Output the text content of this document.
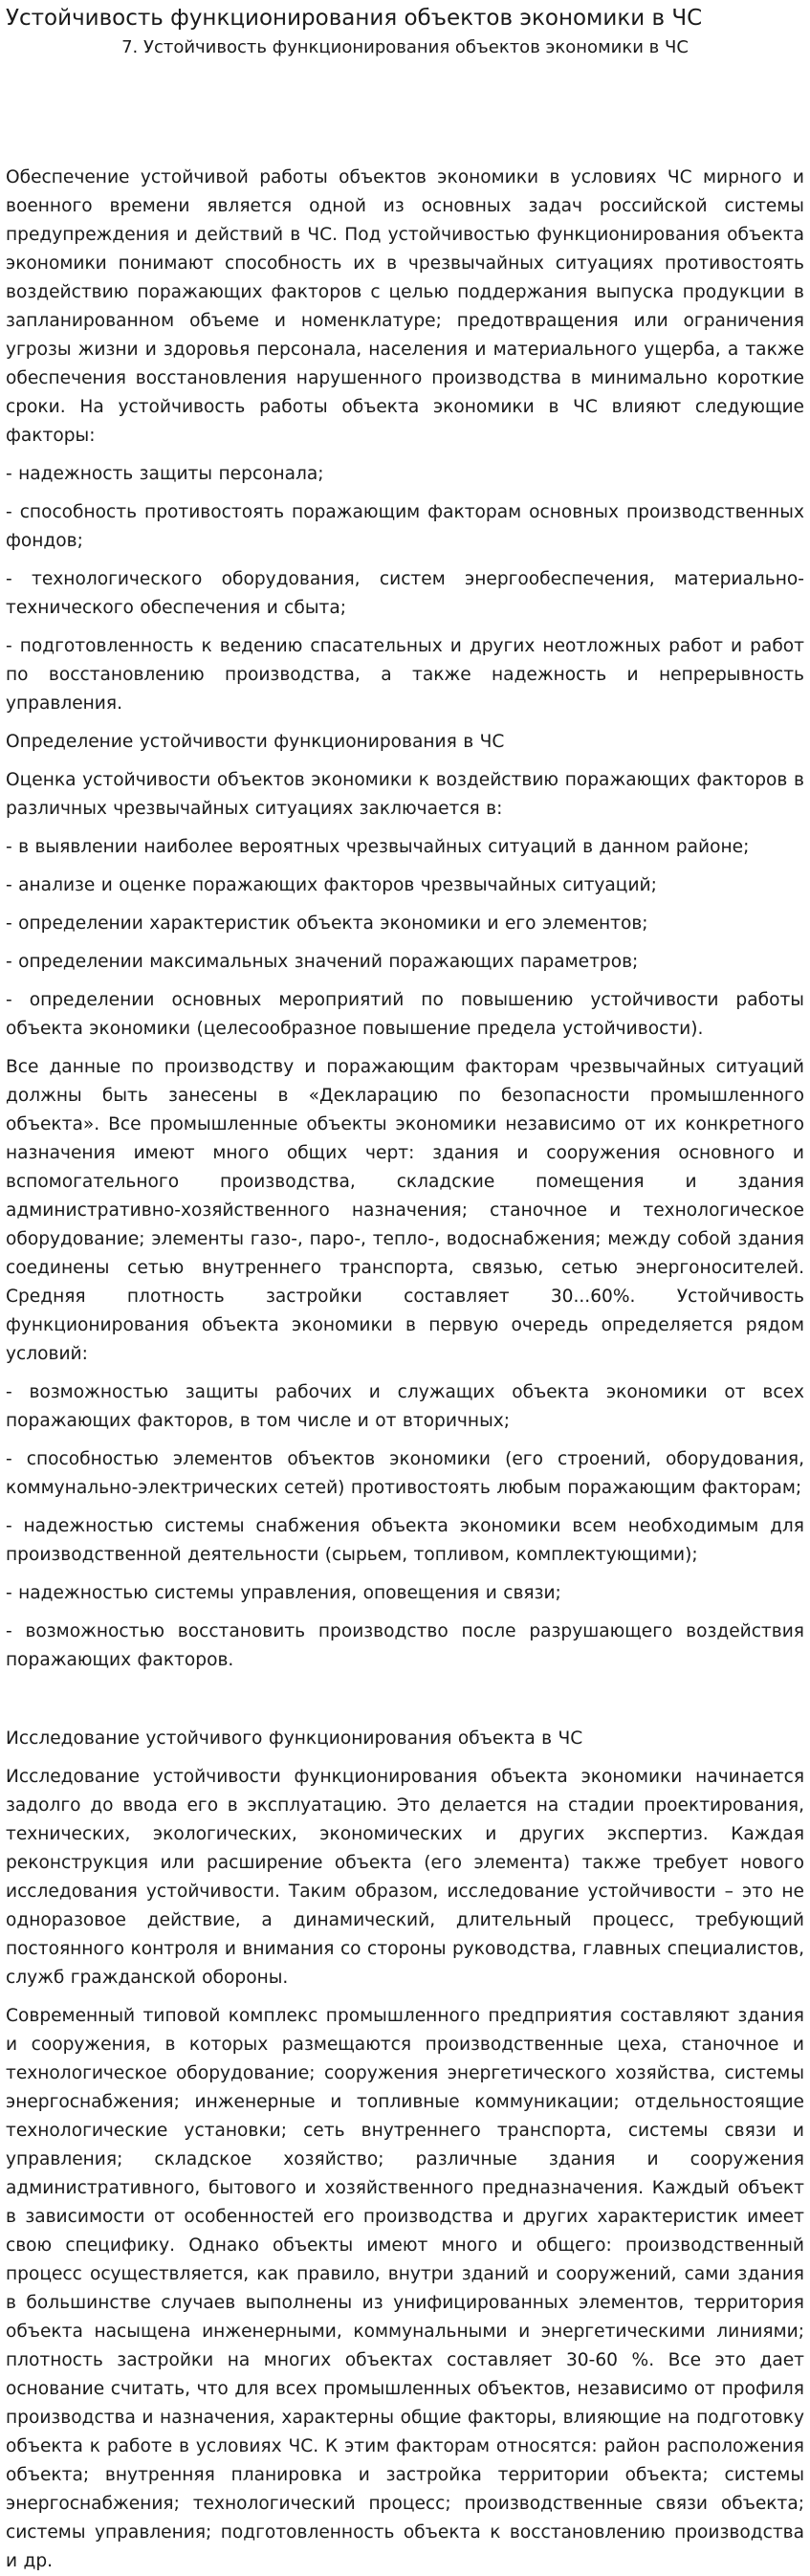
Устойчивость функционирования объектов экономики в ЧС
7. Устойчивость функционирования объектов экономики в ЧС

Обеспечение устойчивой работы объектов экономики в условиях ЧС мирного и военного времени является одной из основных задач российской системы предупреждения и действий в ЧС. Под устойчивостью функционирования объекта экономики понимают способность их в чрезвычайных ситуациях противостоять воздействию поражающих факторов с целью поддержания выпуска продукции в запланированном объеме и номенклатуре; предотвращения или ограничения угрозы жизни и здоровья персонала, населения и материального ущерба, а также обеспечения восстановления нарушенного производства в минимально короткие сроки. На устойчивость работы объекта экономики в ЧС влияют следующие факторы:

- надежность защиты персонала;

- способность противостоять поражающим факторам основных производственных фондов;

- технологического оборудования, систем энергообеспечения, материально-технического обеспечения и сбыта;

- подготовленность к ведению спасательных и других неотложных работ и работ по восстановлению производства, а также надежность и непрерывность управления.

Определение устойчивости функционирования в ЧС

Оценка устойчивости объектов экономики к воздействию поражающих факторов в различных чрезвычайных ситуациях заключается в:

- в выявлении наиболее вероятных чрезвычайных ситуаций в данном районе;

- анализе и оценке поражающих факторов чрезвычайных ситуаций;

- определении характеристик объекта экономики и его элементов;

- определении максимальных значений поражающих параметров;

- определении основных мероприятий по повышению устойчивости работы объекта экономики (целесообразное повышение предела устойчивости).

Все данные по производству и поражающим факторам чрезвычайных ситуаций должны быть занесены в «Декларацию по безопасности промышленного объекта». Все промышленные объекты экономики независимо от их конкретного назначения имеют много общих черт: здания и сооружения основного и вспомогательного производства, складские помещения и здания административно-хозяйственного назначения; станочное и технологическое оборудование; элементы газо-, паро-, тепло-, водоснабжения; между собой здания соединены сетью внутреннего транспорта, связью, сетью энергоносителей. Средняя плотность застройки составляет 30...60%. Устойчивость функционирования объекта экономики в первую очередь определяется рядом условий:

- возможностью защиты рабочих и служащих объекта экономики от всех поражающих факторов, в том числе и от вторичных;

- способностью элементов объектов экономики (его строений, оборудования, коммунально-электрических сетей) противостоять любым поражающим факторам;

- надежностью системы снабжения объекта экономики всем необходимым для производственной деятельности (сырьем, топливом, комплектующими);

- надежностью системы управления, оповещения и связи;

- возможностью восстановить производство после разрушающего воздействия поражающих факторов.

Исследование устойчивого функционирования объекта в ЧС

Исследование устойчивости функционирования объекта экономики начинается задолго до ввода его в эксплуатацию. Это делается на стадии проектирования, технических, экологических, экономических и других экспертиз. Каждая реконструкция или расширение объекта (его элемента) также требует нового исследования устойчивости. Таким образом, исследование устойчивости – это не одноразовое действие, а динамический, длительный процесс, требующий постоянного контроля и внимания со стороны руководства, главных специалистов, служб гражданской обороны.

Современный типовой комплекс промышленного предприятия составляют здания и сооружения, в которых размещаются производственные цеха, станочное и технологическое оборудование; сооружения энергетического хозяйства, системы энергоснабжения; инженерные и топливные коммуникации; отдельностоящие технологические установки; сеть внутреннего транспорта, системы связи и управления; складское хозяйство; различные здания и сооружения административного, бытового и хозяйственного предназначения. Каждый объект в зависимости от особенностей его производства и других характеристик имеет свою специфику. Однако объекты имеют много и общего: производственный процесс осуществляется, как правило, внутри зданий и сооружений, сами здания в большинстве случаев выполнены из унифицированных элементов, территория объекта насыщена инженерными, коммунальными и энергетическими линиями; плотность застройки на многих объектах составляет 30-60 %. Все это дает основание считать, что для всех промышленных объектов, независимо от профиля производства и назначения, характерны общие факторы, влияющие на подготовку объекта к работе в условиях ЧС. К этим факторам относятся: район расположения объекта; внутренняя планировка и застройка территории объекта; системы энергоснабжения; технологический процесс; производственные связи объекта; системы управления; подготовленность объекта к восстановлению производства и др.
